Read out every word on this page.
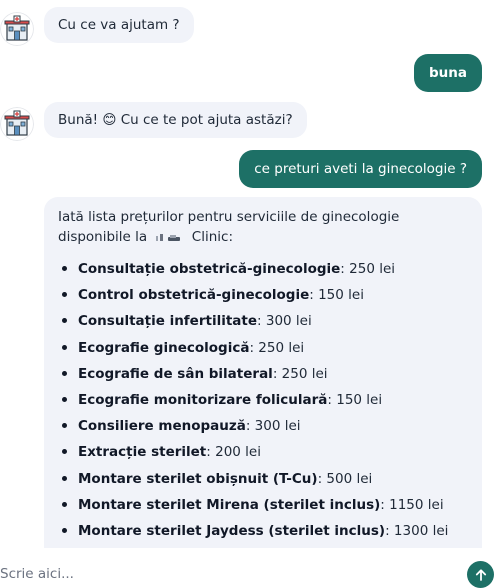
Cu ce va ajutam ?
buna
Bună! 😊 Cu ce te pot ajuta astăzi?
ce preturi aveti la ginecologie ?

Iată lista prețurilor pentru serviciile de ginecologie disponibile la	Clinic:

Consultație obstetrică-ginecologie: 250 lei
Control obstetrică-ginecologie: 150 lei
Consultație infertilitate: 300 lei
Ecografie ginecologică: 250 lei
Ecografie de sân bilateral: 250 lei
Ecografie monitorizare foliculară: 150 lei
Consiliere menopauză: 300 lei
Extracție sterilet: 200 lei
Montare sterilet obișnuit (T-Cu): 500 lei
Montare sterilet Mirena (sterilet inclus): 1150 lei
Montare sterilet Jaydess (sterilet inclus): 1300 lei
Scrie aici...
